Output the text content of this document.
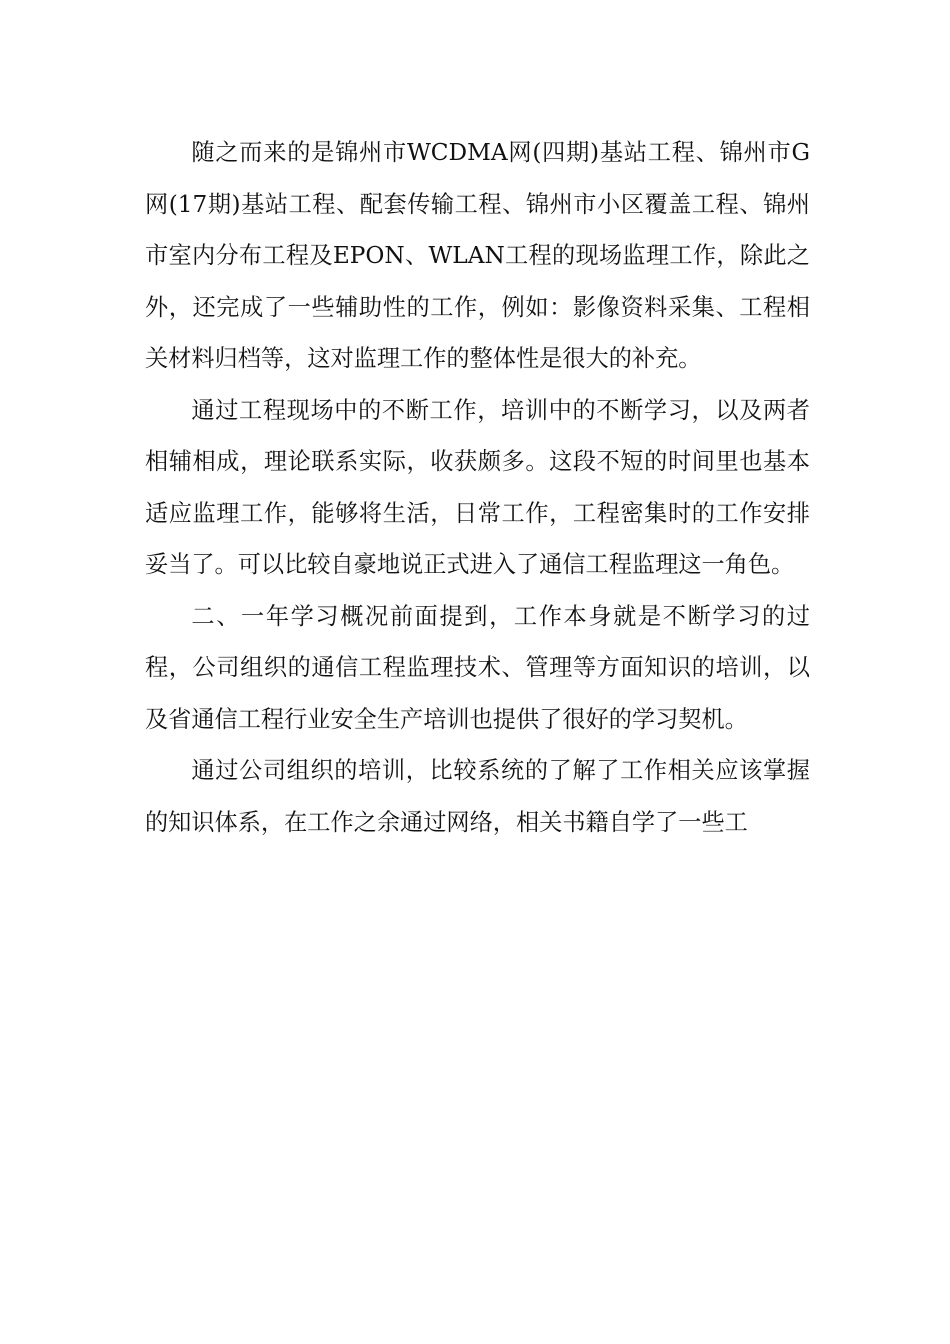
随之而来的是锦州市WCDMA网(四期)基站工程、锦州市G网(17期)基站工程、配套传输工程、锦州市小区覆盖工程、锦州市室内分布工程及EPON、WLAN工程的现场监理工作，除此之外，还完成了一些辅助性的工作，例如：影像资料采集、工程相关材料归档等，这对监理工作的整体性是很大的补充。

通过工程现场中的不断工作，培训中的不断学习，以及两者相辅相成，理论联系实际，收获颇多。这段不短的时间里也基本适应监理工作，能够将生活，日常工作，工程密集时的工作安排妥当了。可以比较自豪地说正式进入了通信工程监理这一角色。

二、一年学习概况前面提到，工作本身就是不断学习的过程，公司组织的通信工程监理技术、管理等方面知识的培训，以及省通信工程行业安全生产培训也提供了很好的学习契机。

通过公司组织的培训，比较系统的了解了工作相关应该掌握的知识体系，在工作之余通过网络，相关书籍自学了一些工
